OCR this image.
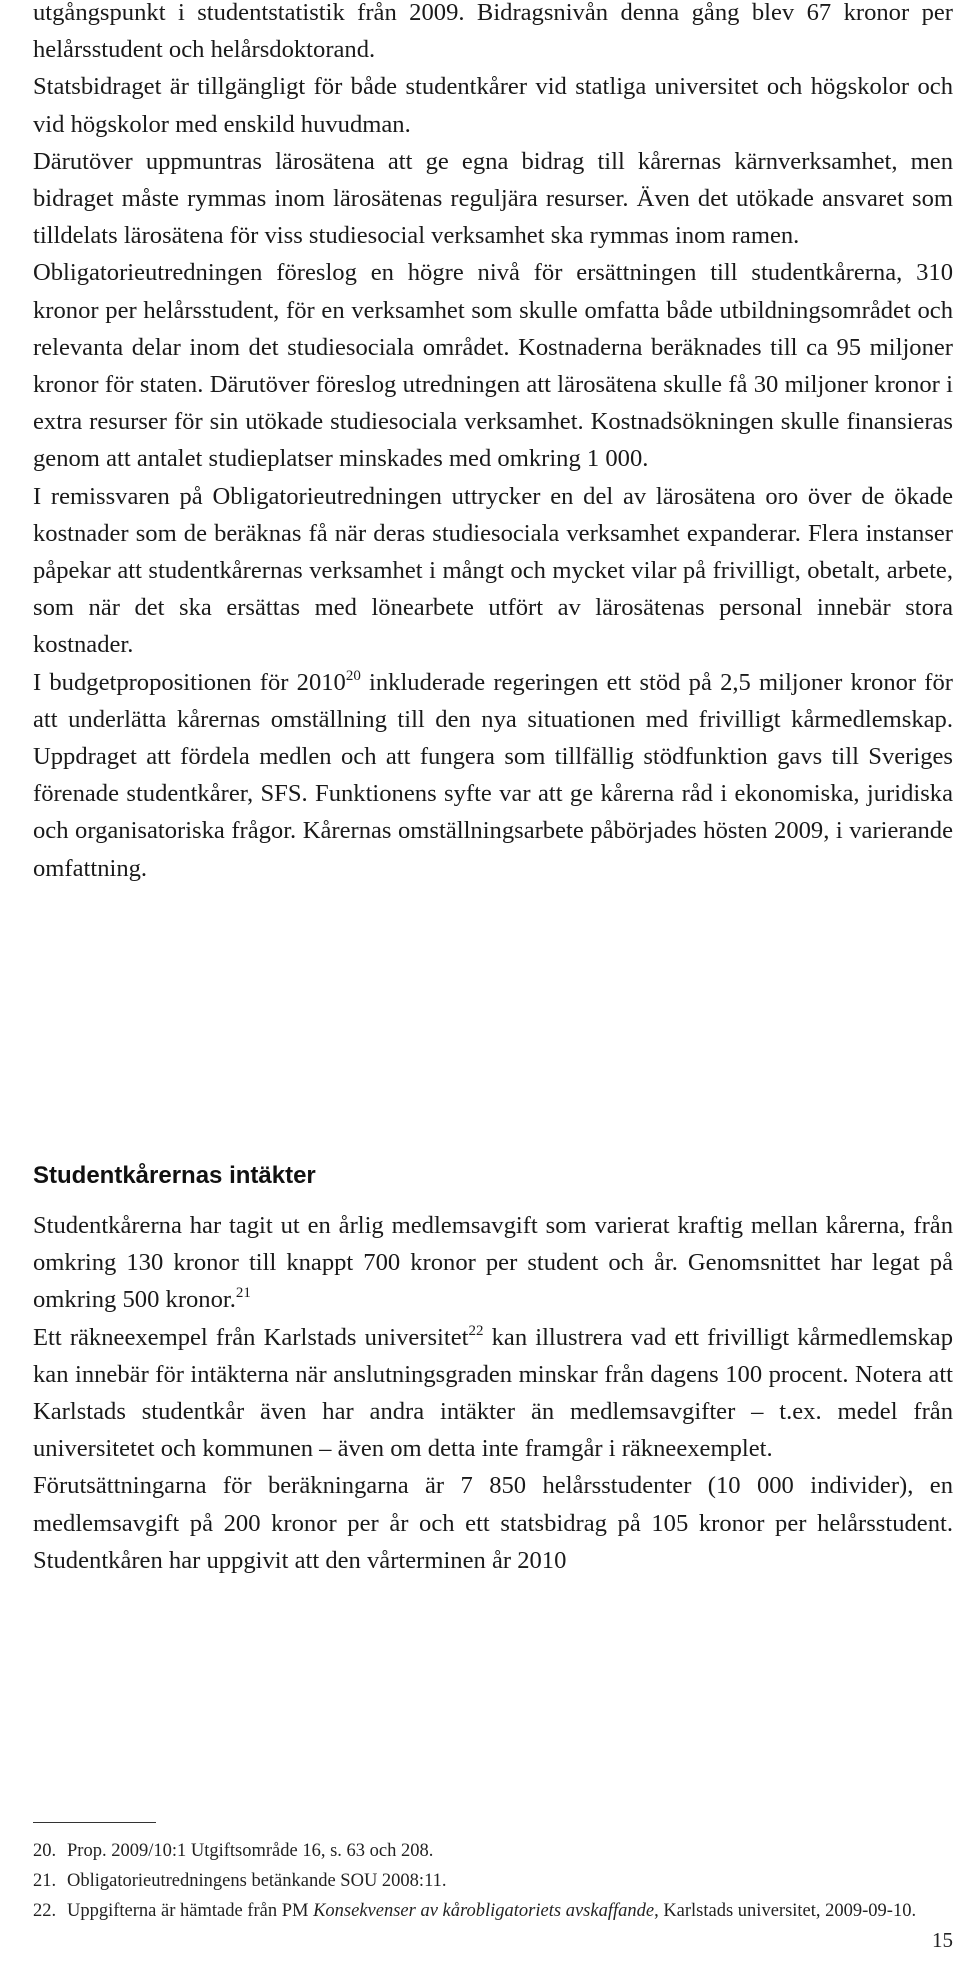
utgångspunkt i studentstatistik från 2009. Bidragsnivån denna gång blev 67 kronor per helårsstudent och helårsdoktorand.

Statsbidraget är tillgängligt för både studentkårer vid statliga universitet och högskolor och vid högskolor med enskild huvudman.

Därutöver uppmuntras lärosätena att ge egna bidrag till kårernas kärnverksamhet, men bidraget måste rymmas inom lärosätenas reguljära resurser. Även det utökade ansvaret som tilldelats lärosätena för viss studiesocial verksamhet ska rymmas inom ramen.

Obligatorieutredningen föreslog en högre nivå för ersättningen till studentkårerna, 310 kronor per helårsstudent, för en verksamhet som skulle omfatta både utbildningsområdet och relevanta delar inom det studiesociala området. Kostnaderna beräknades till ca 95 miljoner kronor för staten. Därutöver föreslog utredningen att lärosätena skulle få 30 miljoner kronor i extra resurser för sin utökade studiesociala verksamhet. Kostnadsökningen skulle finansieras genom att antalet studieplatser minskades med omkring 1 000.

I remissvaren på Obligatorieutredningen uttrycker en del av lärosätena oro över de ökade kostnader som de beräknas få när deras studiesociala verksamhet expanderar. Flera instanser påpekar att studentkårernas verksamhet i mångt och mycket vilar på frivilligt, obetalt, arbete, som när det ska ersättas med lönearbete utfört av lärosätenas personal innebär stora kostnader.

I budgetpropositionen för 2010$^{20}$ inkluderade regeringen ett stöd på 2,5 miljoner kronor för att underlätta kårernas omställning till den nya situationen med frivilligt kårmedlemskap. Uppdraget att fördela medlen och att fungera som tillfällig stödfunktion gavs till Sveriges förenade studentkårer, SFS. Funktionens syfte var att ge kårerna råd i ekonomiska, juridiska och organisatoriska frågor. Kårernas omställningsarbete påbörjades hösten 2009, i varierande omfattning.

Studentkårernas intäkter

Studentkårerna har tagit ut en årlig medlemsavgift som varierat kraftig mellan kårerna, från omkring 130 kronor till knappt 700 kronor per student och år. Genomsnittet har legat på omkring 500 kronor.$^{21}$

Ett räkneexempel från Karlstads universitet$^{22}$ kan illustrera vad ett frivilligt kårmedlemskap kan innebär för intäkterna när anslutningsgraden minskar från dagens 100 procent. Notera att Karlstads studentkår även har andra intäkter än medlemsavgifter – t.ex. medel från universitetet och kommunen – även om detta inte framgår i räkneexemplet.

Förutsättningarna för beräkningarna är 7 850 helårsstudenter (10 000 individer), en medlemsavgift på 200 kronor per år och ett statsbidrag på 105 kronor per helårsstudent. Studentkåren har uppgivit att den vårterminen år 2010

20. Prop. 2009/10:1 Utgiftsområde 16, s. 63 och 208.
21. Obligatorieutredningens betänkande SOU 2008:11.
22. Uppgifterna är hämtade från PM Konsekvenser av kårobligatoriets avskaffande, Karlstads universitet, 2009-09-10.
15
